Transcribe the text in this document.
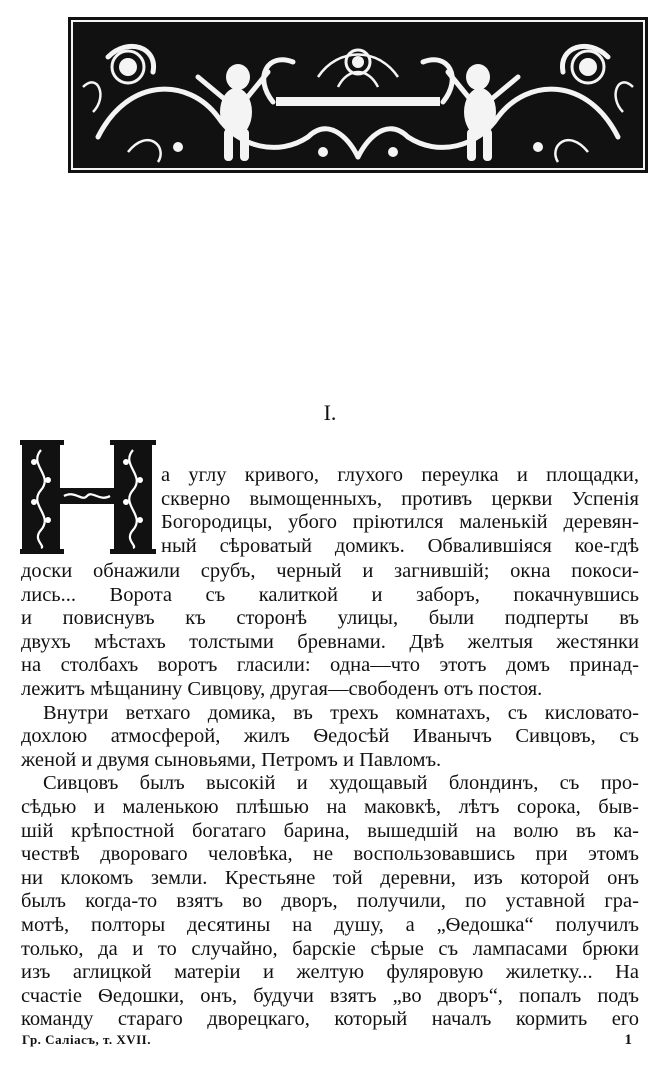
I.
а углу кривого, глухого переулка и площадки,
скверно вымощенныхъ, противъ церкви Успенія
Богородицы, убого пріютился маленькій деревян-
ный сѣроватый домикъ. Обвалившіяся кое-гдѣ
доски обнажили срубъ, черный и загнившій; окна покоси-
лись... Ворота съ калиткой и заборъ, покачнувшись
и повиснувъ къ сторонѣ улицы, были подперты въ
двухъ мѣстахъ толстыми бревнами. Двѣ желтыя жестянки
на столбахъ воротъ гласили: одна—что этотъ домъ принад-
лежитъ мѣщанину Сивцову, другая—свободенъ отъ постоя.
Внутри ветхаго домика, въ трехъ комнатахъ, съ кисловато-
дохлою атмосферой, жилъ Ѳедосѣй Иванычъ Сивцовъ, съ
женой и двумя сыновьями, Петромъ и Павломъ.
Сивцовъ былъ высокій и худощавый блондинъ, съ про-
сѣдью и маленькою плѣшью на маковкѣ, лѣтъ сорока, быв-
шій крѣпостной богатаго барина, вышедшій на волю въ ка-
чествѣ двороваго человѣка, не воспользовавшись при этомъ
ни клокомъ земли. Крестьяне той деревни, изъ которой онъ
былъ когда-то взятъ во дворъ, получили, по уставной гра-
мотѣ, полторы десятины на душу, а „Ѳедошка“ получилъ
только, да и то случайно, барскіе сѣрые съ лампасами брюки
изъ аглицкой матеріи и желтую фуляровую жилетку... На
счастіе Ѳедошки, онъ, будучи взятъ „во дворъ“, попалъ подъ
команду стараго дворецкаго, который началъ кормить его
Гр. Салiасъ, т. XVII.	1
